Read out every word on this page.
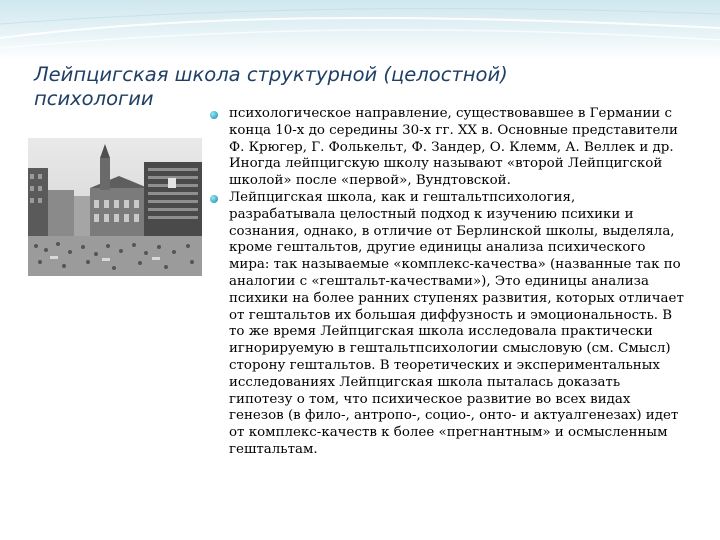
Лейпцигская школа структурной (целостной) психологии
психологическое направление, существовавшее в Германии с конца 10-х до середины 30-х гг. XX в. Основные представители Ф. Крюгер, Г. Фолькельт, Ф. Зандер, О. Клемм, А. Веллек и др. Иногда лейпцигскую школу называют «второй Лейпцигской школой» после «первой», Вундтовской.
Лейпцигская школа, как и гештальтпсихология, разрабатывала целостный подход к изучению психики и сознания, однако, в отличие от Берлинской школы, выделяла, кроме гештальтов, другие единицы анализа психического мира: так называемые «комплекс-качества» (названные так по аналогии с «гештальт-качествами»), Это единицы анализа психики на более ранних ступенях развития, которых отличает от гештальтов их большая диффузность и эмоциональность. В то же время Лейпцигская школа исследовала практически игнорируемую в гештальтпсихологии смысловую (см. Смысл) сторону гештальтов. В теоретических и экспериментальных исследованиях Лейпцигская школа пыталась доказать гипотезу о том, что психическое развитие во всех видах генезов (в фило-, антропо-, социо-, онто- и актуалгенезах) идет от комплекс-качеств к более «прегнантным» и осмысленным гештальтам.
